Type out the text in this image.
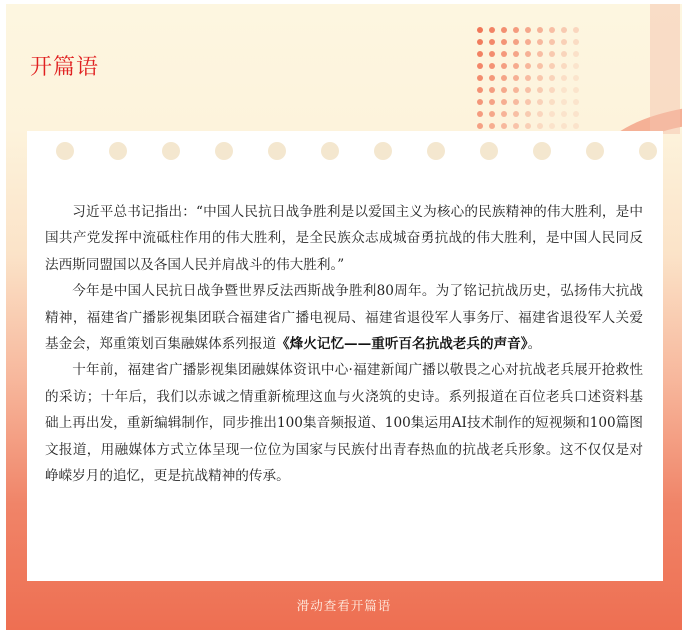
开篇语

习近平总书记指出：“中国人民抗日战争胜利是以爱国主义为核心的民族精神的伟大胜利，是中国共产党发挥中流砥柱作用的伟大胜利，是全民族众志成城奋勇抗战的伟大胜利，是中国人民同反法西斯同盟国以及各国人民并肩战斗的伟大胜利。”

今年是中国人民抗日战争暨世界反法西斯战争胜利80周年。为了铭记抗战历史，弘扬伟大抗战精神，福建省广播影视集团联合福建省广播电视局、福建省退役军人事务厅、福建省退役军人关爱基金会，郑重策划百集融媒体系列报道《烽火记忆——重听百名抗战老兵的声音》。

十年前，福建省广播影视集团融媒体资讯中心·福建新闻广播以敬畏之心对抗战老兵展开抢救性的采访；十年后，我们以赤诚之情重新梳理这血与火浇筑的史诗。系列报道在百位老兵口述资料基础上再出发，重新编辑制作，同步推出100集音频报道、100集运用AI技术制作的短视频和100篇图文报道，用融媒体方式立体呈现一位位为国家与民族付出青春热血的抗战老兵形象。这不仅仅是对峥嵘岁月的追忆，更是抗战精神的传承。

滑动查看开篇语
